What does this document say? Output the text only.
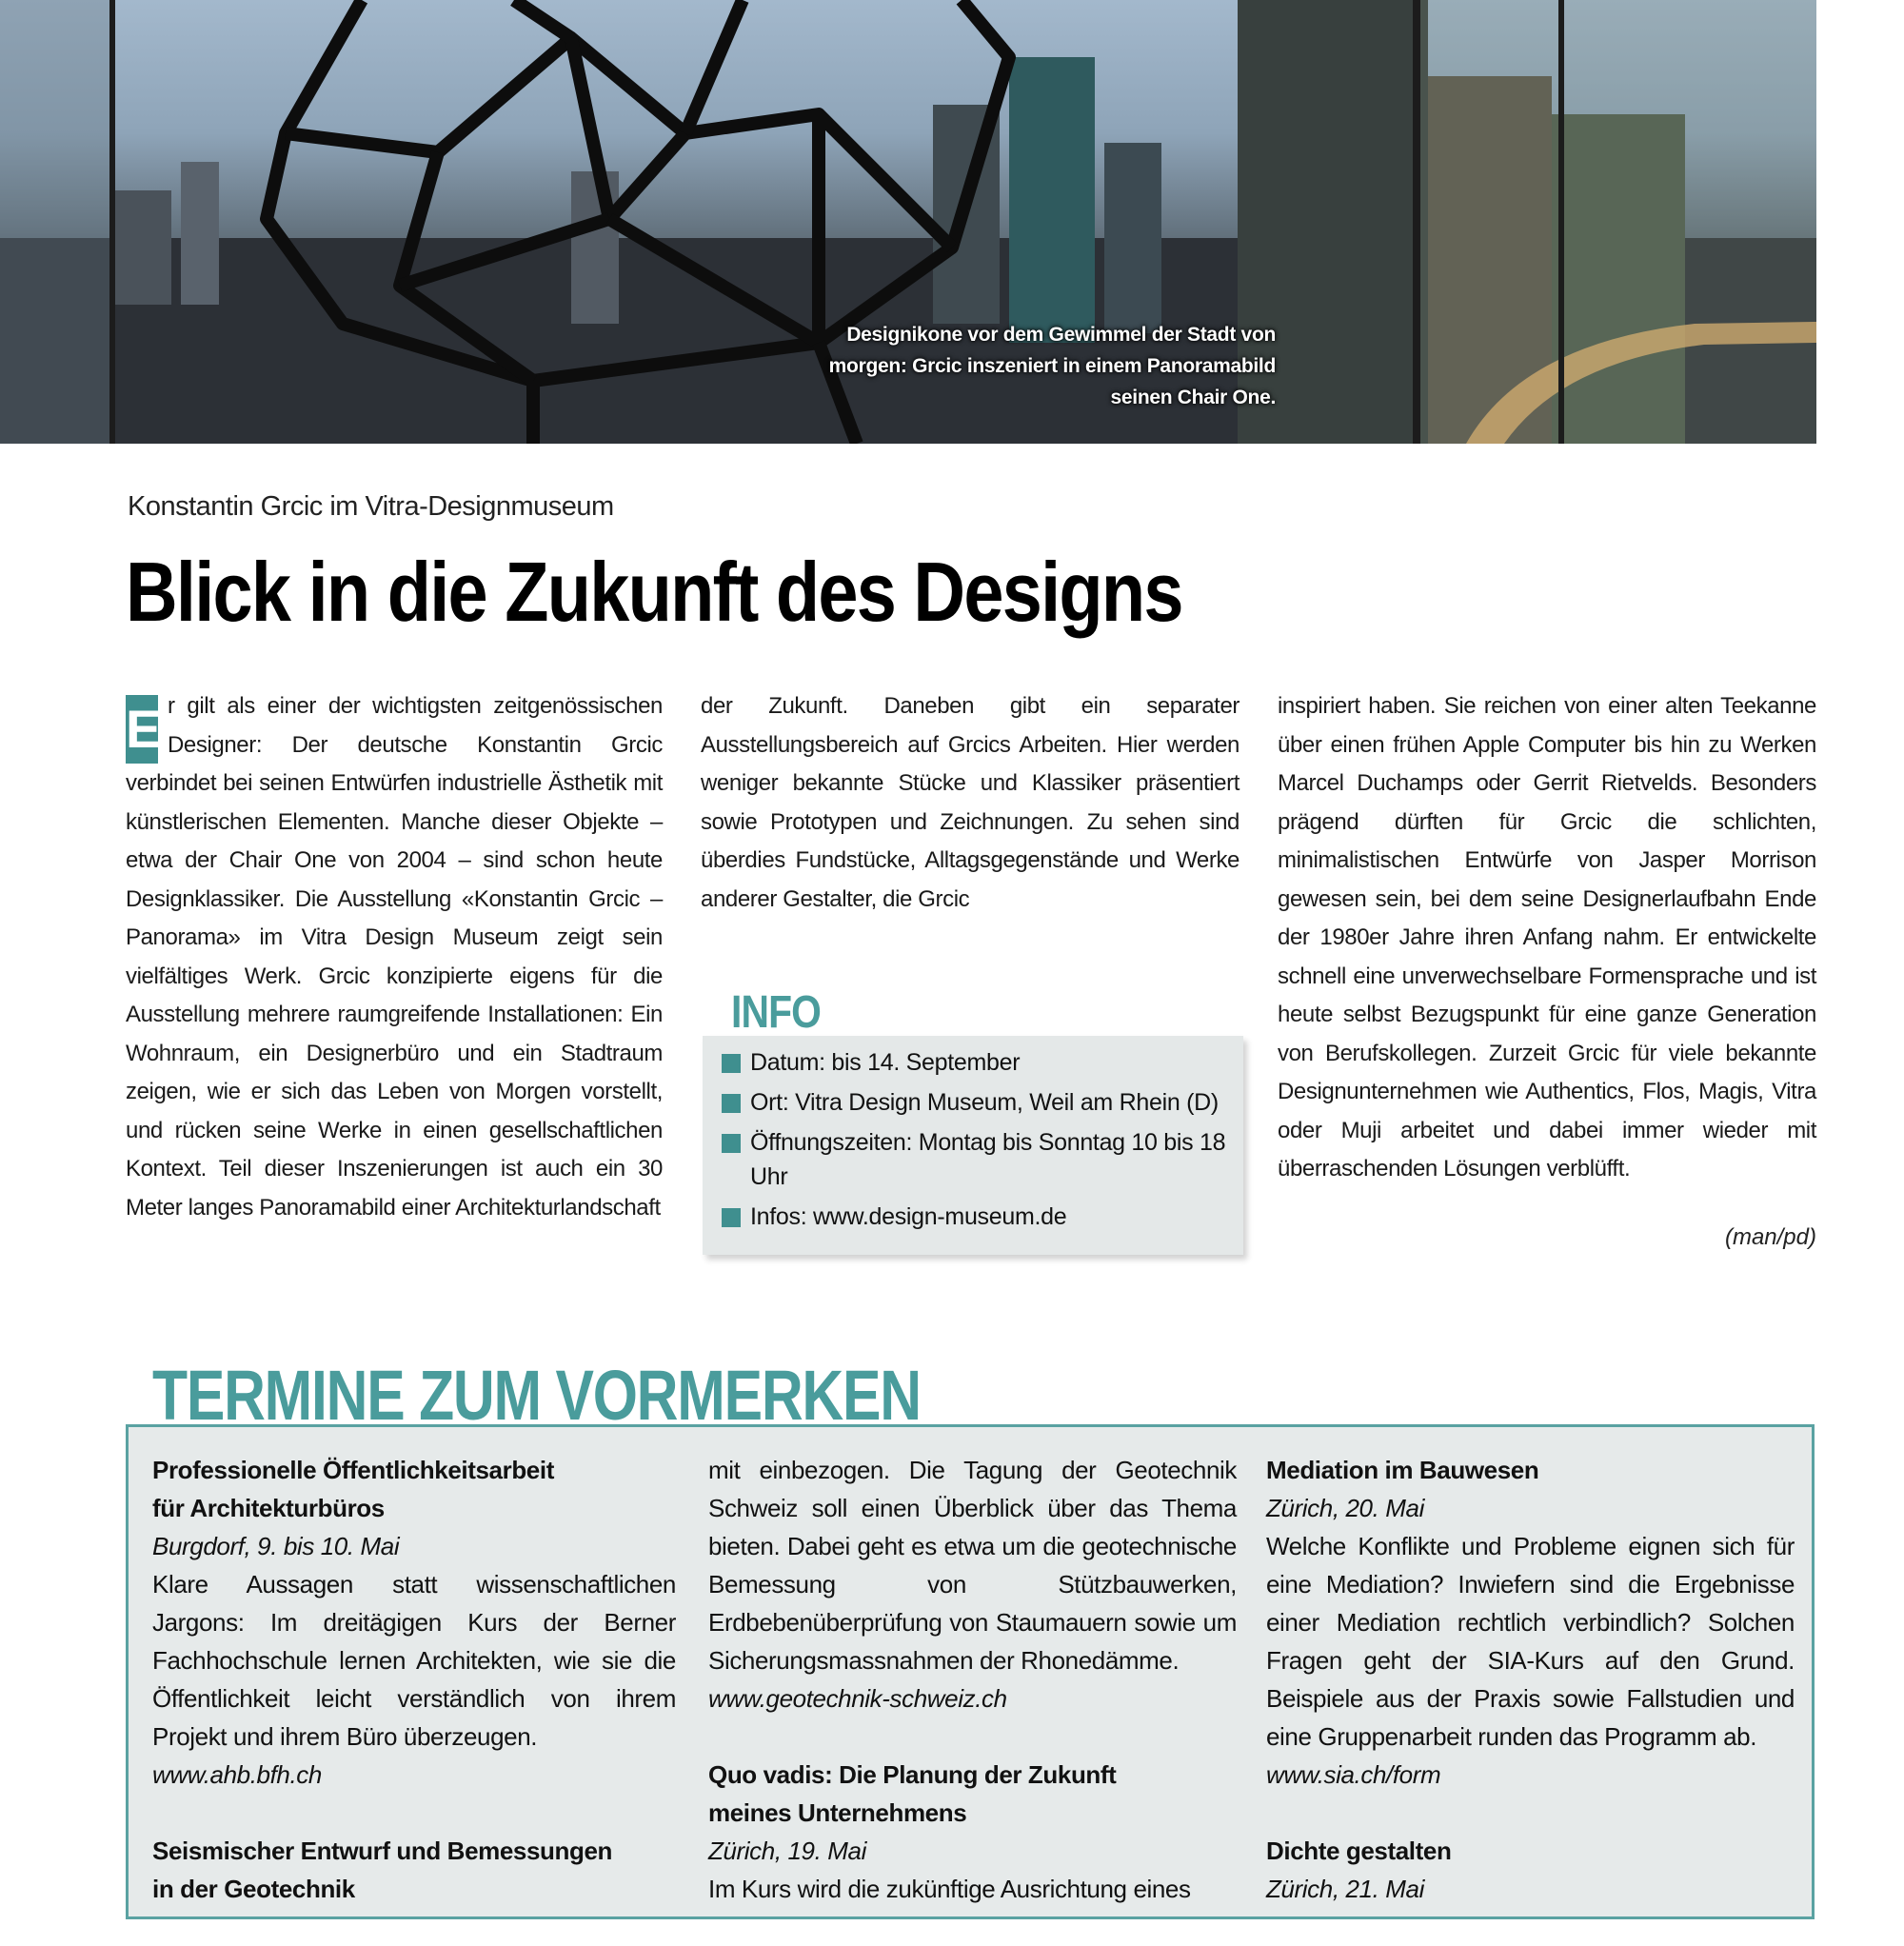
Designikone vor dem Gewimmel der Stadt von morgen: Grcic inszeniert in einem Panoramabild seinen Chair One.
Konstantin Grcic im Vitra-Designmuseum
Blick in die Zukunft des Designs
E r gilt als einer der wichtigsten zeitgenössischen Designer: Der deutsche Konstantin Grcic verbindet bei seinen Entwürfen industrielle Ästhetik mit künstlerischen Elementen. Manche dieser Objekte – etwa der Chair One von 2004 – sind schon heute Designklassiker. Die Ausstellung «Konstantin Grcic – Panorama» im Vitra Design Museum zeigt sein vielfältiges Werk. Grcic konzipierte eigens für die Ausstellung mehrere raumgreifende Installationen: Ein Wohnraum, ein Designerbüro und ein Stadtraum zeigen, wie er sich das Leben von Morgen vorstellt, und rücken seine Werke in einen gesellschaftlichen Kontext. Teil dieser Inszenierungen ist auch ein 30 Meter langes Panoramabild einer Architekturlandschaft

der Zukunft. Daneben gibt ein separater Ausstellungsbereich auf Grcics Arbeiten. Hier werden weniger bekannte Stücke und Klassiker präsentiert sowie Prototypen und Zeichnungen. Zu sehen sind überdies Fundstücke, Alltagsgegenstände und Werke anderer Gestalter, die Grcic

inspiriert haben. Sie reichen von einer alten Teekanne über einen frühen Apple Computer bis hin zu Werken Marcel Duchamps oder Gerrit Rietvelds. Besonders prägend dürften für Grcic die schlichten, minimalistischen Entwürfe von Jasper Morrison gewesen sein, bei dem seine Designerlaufbahn Ende der 1980er Jahre ihren Anfang nahm. Er entwickelte schnell eine unverwechselbare Formensprache und ist heute selbst Bezugspunkt für eine ganze Generation von Berufskollegen. Zurzeit Grcic für viele bekannte Designunternehmen wie Authentics, Flos, Magis, Vitra oder Muji arbeitet und dabei immer wieder mit überraschenden Lösungen verblüfft.

(man/pd)
Datum: bis 14. September
Ort: Vitra Design Museum, Weil am Rhein (D)
Öffnungszeiten: Montag bis Sonntag 10 bis 18 Uhr
Infos: www.design-museum.de
INFO
TERMINE ZUM VORMERKEN
Professionelle Öffentlichkeitsarbeit
für Architekturbüros
Burgdorf, 9. bis 10. Mai
Klare Aussagen statt wissenschaftlichen Jargons: Im dreitägigen Kurs der Berner Fachhochschule lernen Architekten, wie sie die Öffentlichkeit leicht verständlich von ihrem Projekt und ihrem Büro überzeugen.
www.ahb.bfh.ch
Seismischer Entwurf und Bemessungen
in der Geotechnik
mit einbezogen. Die Tagung der Geotechnik Schweiz soll einen Überblick über das Thema bieten. Dabei geht es etwa um die geotechnische Bemessung von Stützbauwerken, Erdbebenüberprüfung von Staumauern sowie um Sicherungsmassnahmen der Rhonedämme.
www.geotechnik-schweiz.ch
Quo vadis: Die Planung der Zukunft
meines Unternehmens
Zürich, 19. Mai
Im Kurs wird die zukünftige Ausrichtung eines
Mediation im Bauwesen
Zürich, 20. Mai
Welche Konflikte und Probleme eignen sich für eine Mediation? Inwiefern sind die Ergebnisse einer Mediation rechtlich verbindlich? Solchen Fragen geht der SIA-Kurs auf den Grund. Beispiele aus der Praxis sowie Fallstudien und eine Gruppenarbeit runden das Programm ab.
www.sia.ch/form
Dichte gestalten
Zürich, 21. Mai
